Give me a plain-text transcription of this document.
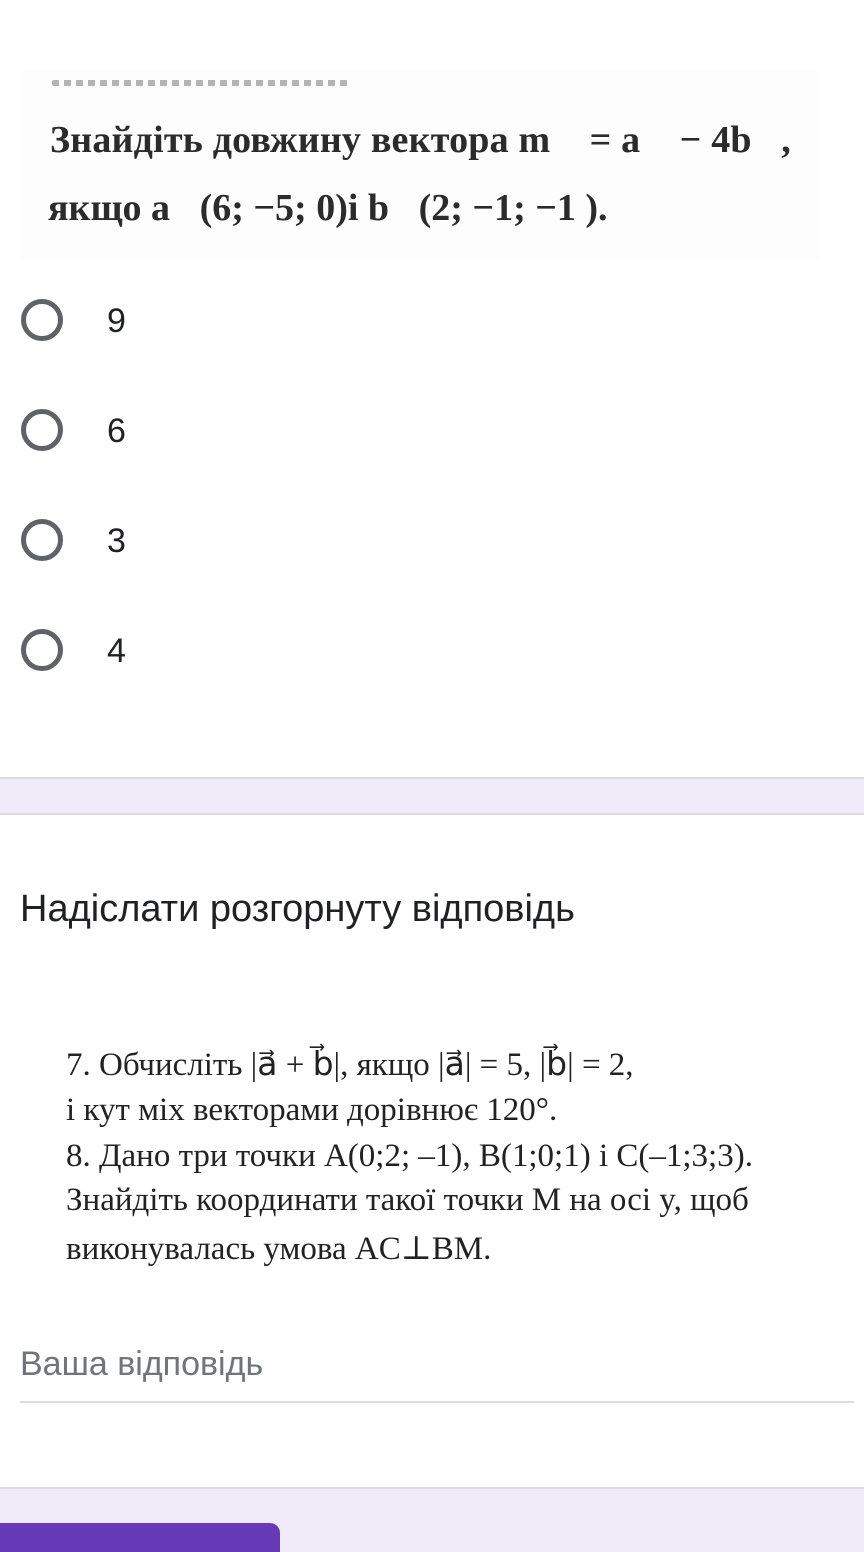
Знайдіть довжину вектора m⃗ = a⃗ − 4b⃗,
якщо a⃗(6; −5; 0)і b⃗(2; −1; −1 ).
9
6
3
4
Надіслати розгорнуту відповідь
7. Обчисліть |a⃗ + b⃗|, якщо |a⃗| = 5, |b⃗| = 2,
і кут міх векторами дорівнює 120°.
8. Дано три точки A(0;2; –1), B(1;0;1) і C(–1;3;3).
Знайдіть координати такої точки M на осі y, щоб
виконувалась умова AC⊥BM.
Ваша відповідь
